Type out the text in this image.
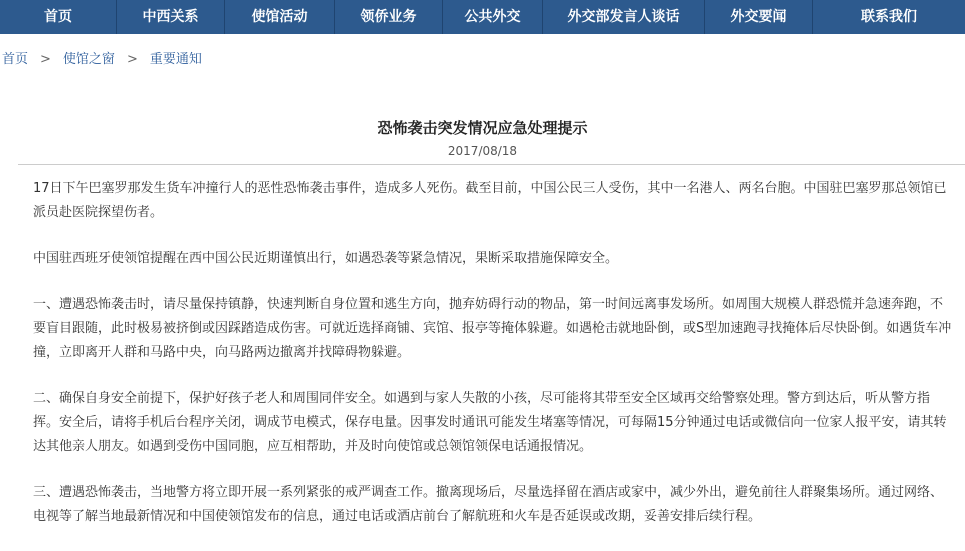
首页	中西关系	使馆活动	领侨业务	公共外交	外交部发言人谈话	外交要闻	联系我们
首页 > 使馆之窗 > 重要通知
恐怖袭击突发情况应急处理提示
2017/08/18

17日下午巴塞罗那发生货车冲撞行人的恶性恐怖袭击事件，造成多人死伤。截至目前，中国公民三人受伤，其中一名港人、两名台胞。中国驻巴塞罗那总领馆已派员赴医院探望伤者。

中国驻西班牙使领馆提醒在西中国公民近期谨慎出行，如遇恐袭等紧急情况，果断采取措施保障安全。

一、遭遇恐怖袭击时，请尽量保持镇静，快速判断自身位置和逃生方向，抛弃妨碍行动的物品，第一时间远离事发场所。如周围大规模人群恐慌并急速奔跑，不要盲目跟随，此时极易被挤倒或因踩踏造成伤害。可就近选择商铺、宾馆、报亭等掩体躲避。如遇枪击就地卧倒，或S型加速跑寻找掩体后尽快卧倒。如遇货车冲撞，立即离开人群和马路中央，向马路两边撤离并找障碍物躲避。

二、确保自身安全前提下，保护好孩子老人和周围同伴安全。如遇到与家人失散的小孩，尽可能将其带至安全区域再交给警察处理。警方到达后，听从警方指挥。安全后，请将手机后台程序关闭，调成节电模式，保存电量。因事发时通讯可能发生堵塞等情况，可每隔15分钟通过电话或微信向一位家人报平安，请其转达其他亲人朋友。如遇到受伤中国同胞，应互相帮助，并及时向使馆或总领馆领保电话通报情况。

三、遭遇恐怖袭击，当地警方将立即开展一系列紧张的戒严调查工作。撤离现场后，尽量选择留在酒店或家中，减少外出，避免前往人群聚集场所。通过网络、电视等了解当地最新情况和中国使领馆发布的信息，通过电话或酒店前台了解航班和火车是否延误或改期，妥善安排后续行程。
